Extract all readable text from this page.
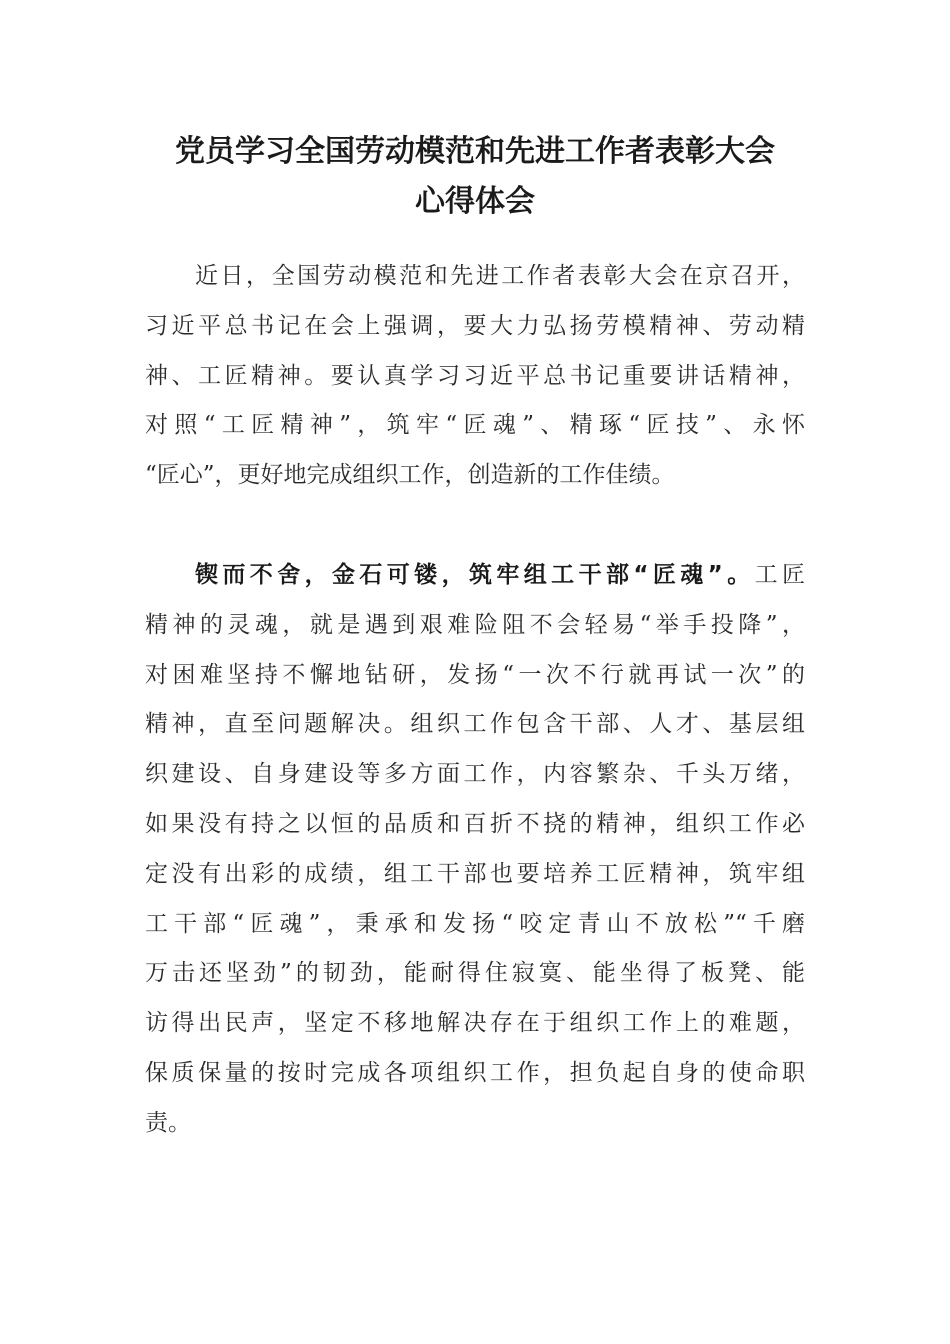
党员学习全国劳动模范和先进工作者表彰大会
心得体会
近日，全国劳动模范和先进工作者表彰大会在京召开，
习近平总书记在会上强调，要大力弘扬劳模精神、劳动精
神、工匠精神。要认真学习习近平总书记重要讲话精神，
对照“工匠精神”，筑牢“匠魂”、精琢“匠技”、永怀
“匠心”，更好地完成组织工作，创造新的工作佳绩。
锲而不舍，金石可镂，筑牢组工干部“匠魂”。工匠
精神的灵魂，就是遇到艰难险阻不会轻易“举手投降”，
对困难坚持不懈地钻研，发扬“一次不行就再试一次”的
精神，直至问题解决。组织工作包含干部、人才、基层组
织建设、自身建设等多方面工作，内容繁杂、千头万绪，
如果没有持之以恒的品质和百折不挠的精神，组织工作必
定没有出彩的成绩，组工干部也要培养工匠精神，筑牢组
工干部“匠魂”，秉承和发扬“咬定青山不放松”“千磨
万击还坚劲”的韧劲，能耐得住寂寞、能坐得了板凳、能
访得出民声，坚定不移地解决存在于组织工作上的难题，
保质保量的按时完成各项组织工作，担负起自身的使命职
责。
